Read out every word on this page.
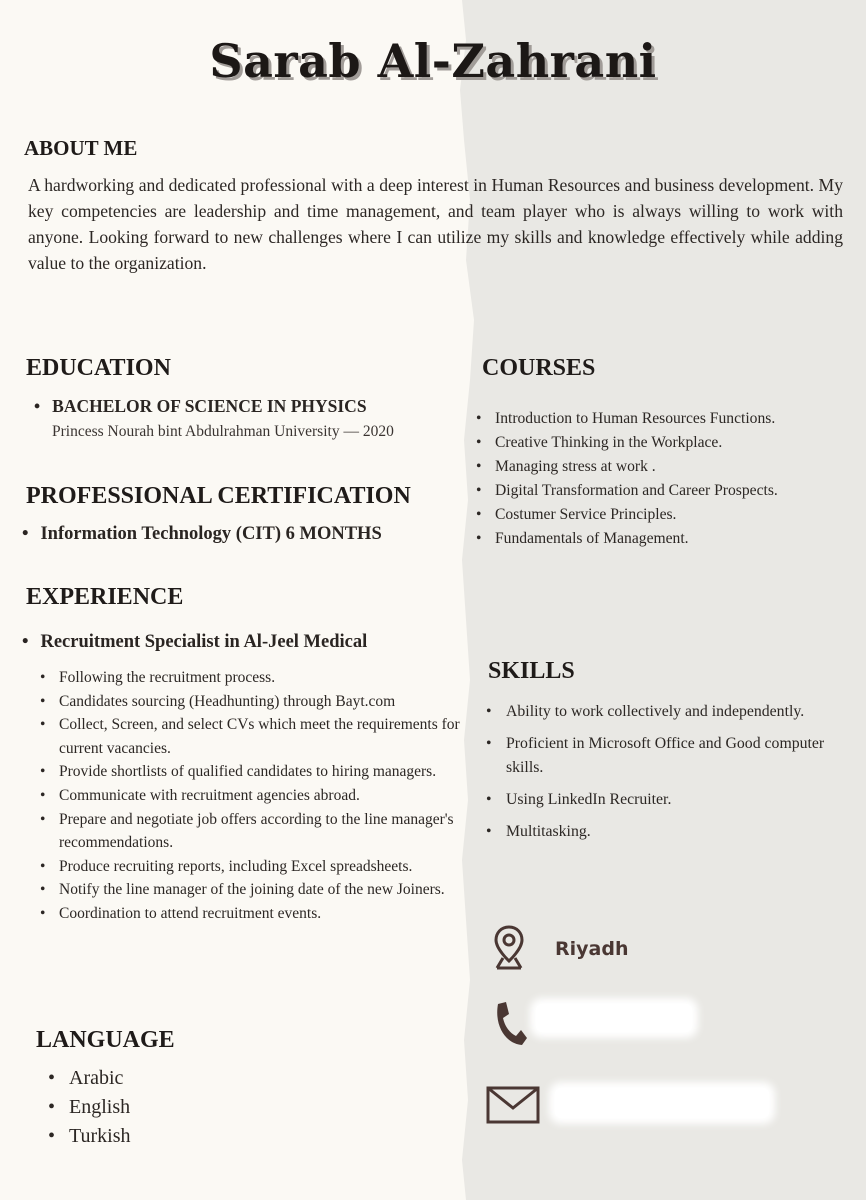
Sarab Al-Zahrani
ABOUT ME
A hardworking and dedicated professional with a deep interest in Human Resources and business development. My key competencies are leadership and time management, and team player who is always willing to work with anyone. Looking forward to new challenges where I can utilize my skills and knowledge effectively while adding value to the organization.
EDUCATION
• BACHELOR OF SCIENCE IN PHYSICS
Princess Nourah bint Abdulrahman University — 2020
PROFESSIONAL CERTIFICATION
• Information Technology (CIT) 6 MONTHS
EXPERIENCE
• Recruitment Specialist in Al-Jeel Medical
• Following the recruitment process.
• Candidates sourcing (Headhunting) through Bayt.com
• Collect, Screen, and select CVs which meet the requirements for current vacancies.
• Provide shortlists of qualified candidates to hiring managers.
• Communicate with recruitment agencies abroad.
• Prepare and negotiate job offers according to the line manager's recommendations.
• Produce recruiting reports, including Excel spreadsheets.
• Notify the line manager of the joining date of the new Joiners.
• Coordination to attend recruitment events.
LANGUAGE
• Arabic
• English
• Turkish
COURSES
• Introduction to Human Resources Functions.
• Creative Thinking in the Workplace.
• Managing stress at work .
• Digital Transformation and Career Prospects.
• Costumer Service Principles.
• Fundamentals of Management.
SKILLS
• Ability to work collectively and independently.
• Proficient in Microsoft Office and Good computer skills.
• Using LinkedIn Recruiter.
• Multitasking.
Riyadh
